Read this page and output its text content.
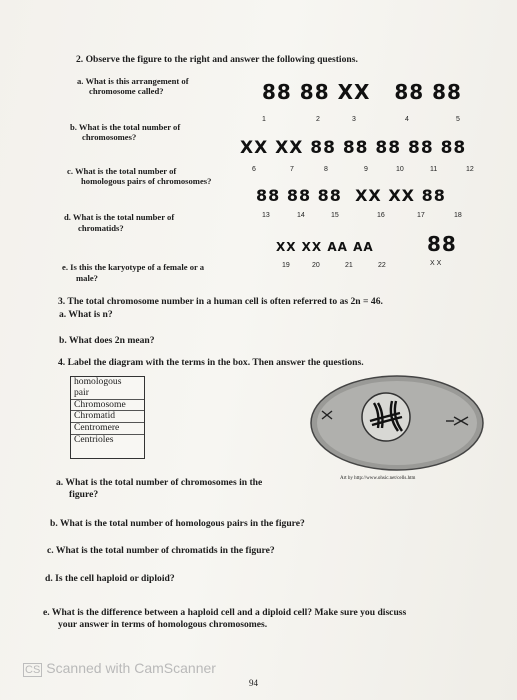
2. Observe the figure to the right and answer the following questions.
a. What is this arrangement of
chromosome called?
b. What is the total number of
chromosomes?
c. What is the total number of
homologous pairs of chromosomes?
d. What is the total number of
chromatids?
e. Is this the karyotype of a female or a
male?
88 88 XX   88 88
1	2	3	4	5
XX XX 88 88 88 88 88
6	7	8	9	10	11	12
88 88 88  XX XX 88
13	14	15	16	17	18
XX XX AA AA	88
19	20	21	22	X X
3. The total chromosome number in a human cell is often referred to as 2n = 46.
a. What is n?
b. What does 2n mean?
4. Label the diagram with the terms in the box. Then answer the questions.
homologous
pair
Chromosome
Chromatid
Centromere
Centrioles
Art by http://www.ohsic.net/cells.htm
a. What is the total number of chromosomes in the
figure?
b. What is the total number of homologous pairs in the figure?
c. What is the total number of chromatids in the figure?
d. Is the cell haploid or diploid?
e. What is the difference between a haploid cell and a diploid cell? Make sure you discuss
your answer in terms of homologous chromosomes.
CS Scanned with CamScanner
94
